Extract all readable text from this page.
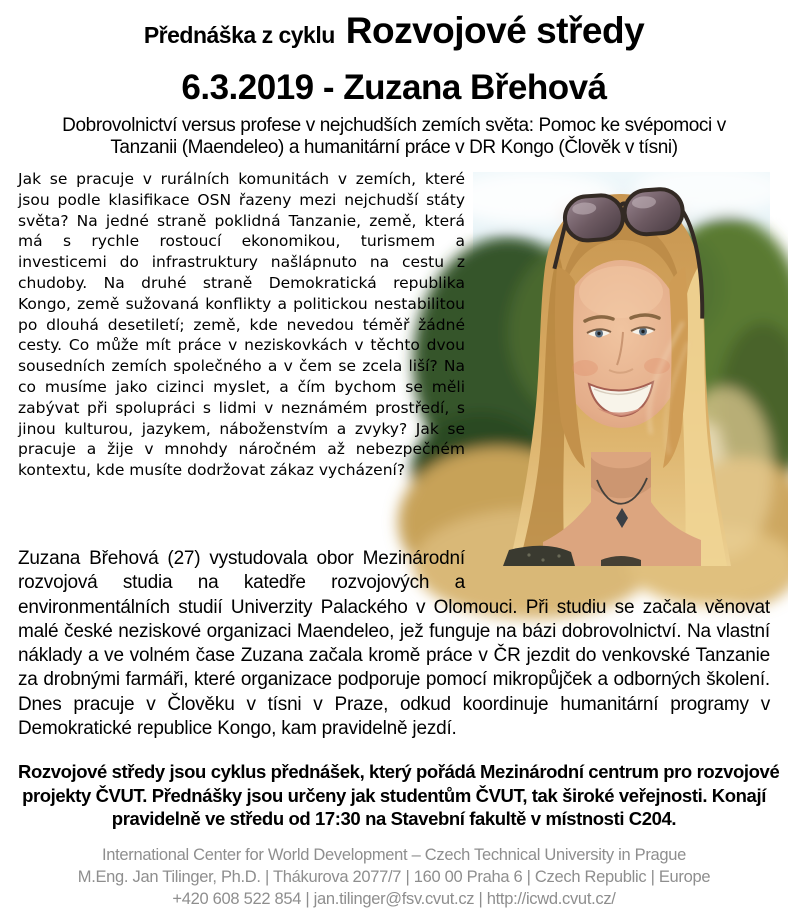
Přednáška z cyklu Rozvojové středy
6.3.2019 - Zuzana Břehová
Dobrovolnictví versus profese v nejchudších zemích světa: Pomoc ke svépomoci v
Tanzanii (Maendeleo) a humanitární práce v DR Kongo (Člověk v tísni)

Jak se pracuje v rurálních komunitách v zemích, které jsou podle klasifikace OSN řazeny mezi nejchudší státy světa? Na jedné straně poklidná Tanzanie, země, která má s rychle rostoucí ekonomikou, turismem a investicemi do infrastruktury našlápnuto na cestu z chudoby. Na druhé straně Demokratická republika Kongo, země sužovaná konflikty a politickou nestabilitou po dlouhá desetiletí; země, kde nevedou téměř žádné cesty. Co může mít práce v neziskovkách v těchto dvou sousedních zemích společného a v čem se zcela liší? Na co musíme jako cizinci myslet, a čím bychom se měli zabývat při spolupráci s lidmi v neznámém prostředí, s jinou kulturou, jazykem, náboženstvím a zvyky? Jak se pracuje a žije v mnohdy náročném až nebezpečném kontextu, kde musíte dodržovat zákaz vycházení?

Zuzana Břehová (27) vystudovala obor Mezinárodní rozvojová studia na katedře rozvojových a environmentálních studií Univerzity Palackého v Olomouci. Při studiu se začala věnovat malé české neziskové organizaci Maendeleo, jež funguje na bázi dobrovolnictví. Na vlastní náklady a ve volném čase Zuzana začala kromě práce v ČR jezdit do venkovské Tanzanie za drobnými farmáři, které organizace podporuje pomocí mikropůjček a odborných školení. Dnes pracuje v Člověku v tísni v Praze, odkud koordinuje humanitární programy v Demokratické republice Kongo, kam pravidelně jezdí.

Rozvojové středy jsou cyklus přednášek, který pořádá Mezinárodní centrum pro rozvojové
projekty ČVUT. Přednášky jsou určeny jak studentům ČVUT, tak široké veřejnosti. Konají
pravidelně ve středu od 17:30 na Stavební fakultě v místnosti C204.
International Center for World Development – Czech Technical University in Prague
M.Eng. Jan Tilinger, Ph.D. | Thákurova 2077/7 | 160 00 Praha 6 | Czech Republic | Europe
+420 608 522 854 | jan.tilinger@fsv.cvut.cz | http://icwd.cvut.cz/
